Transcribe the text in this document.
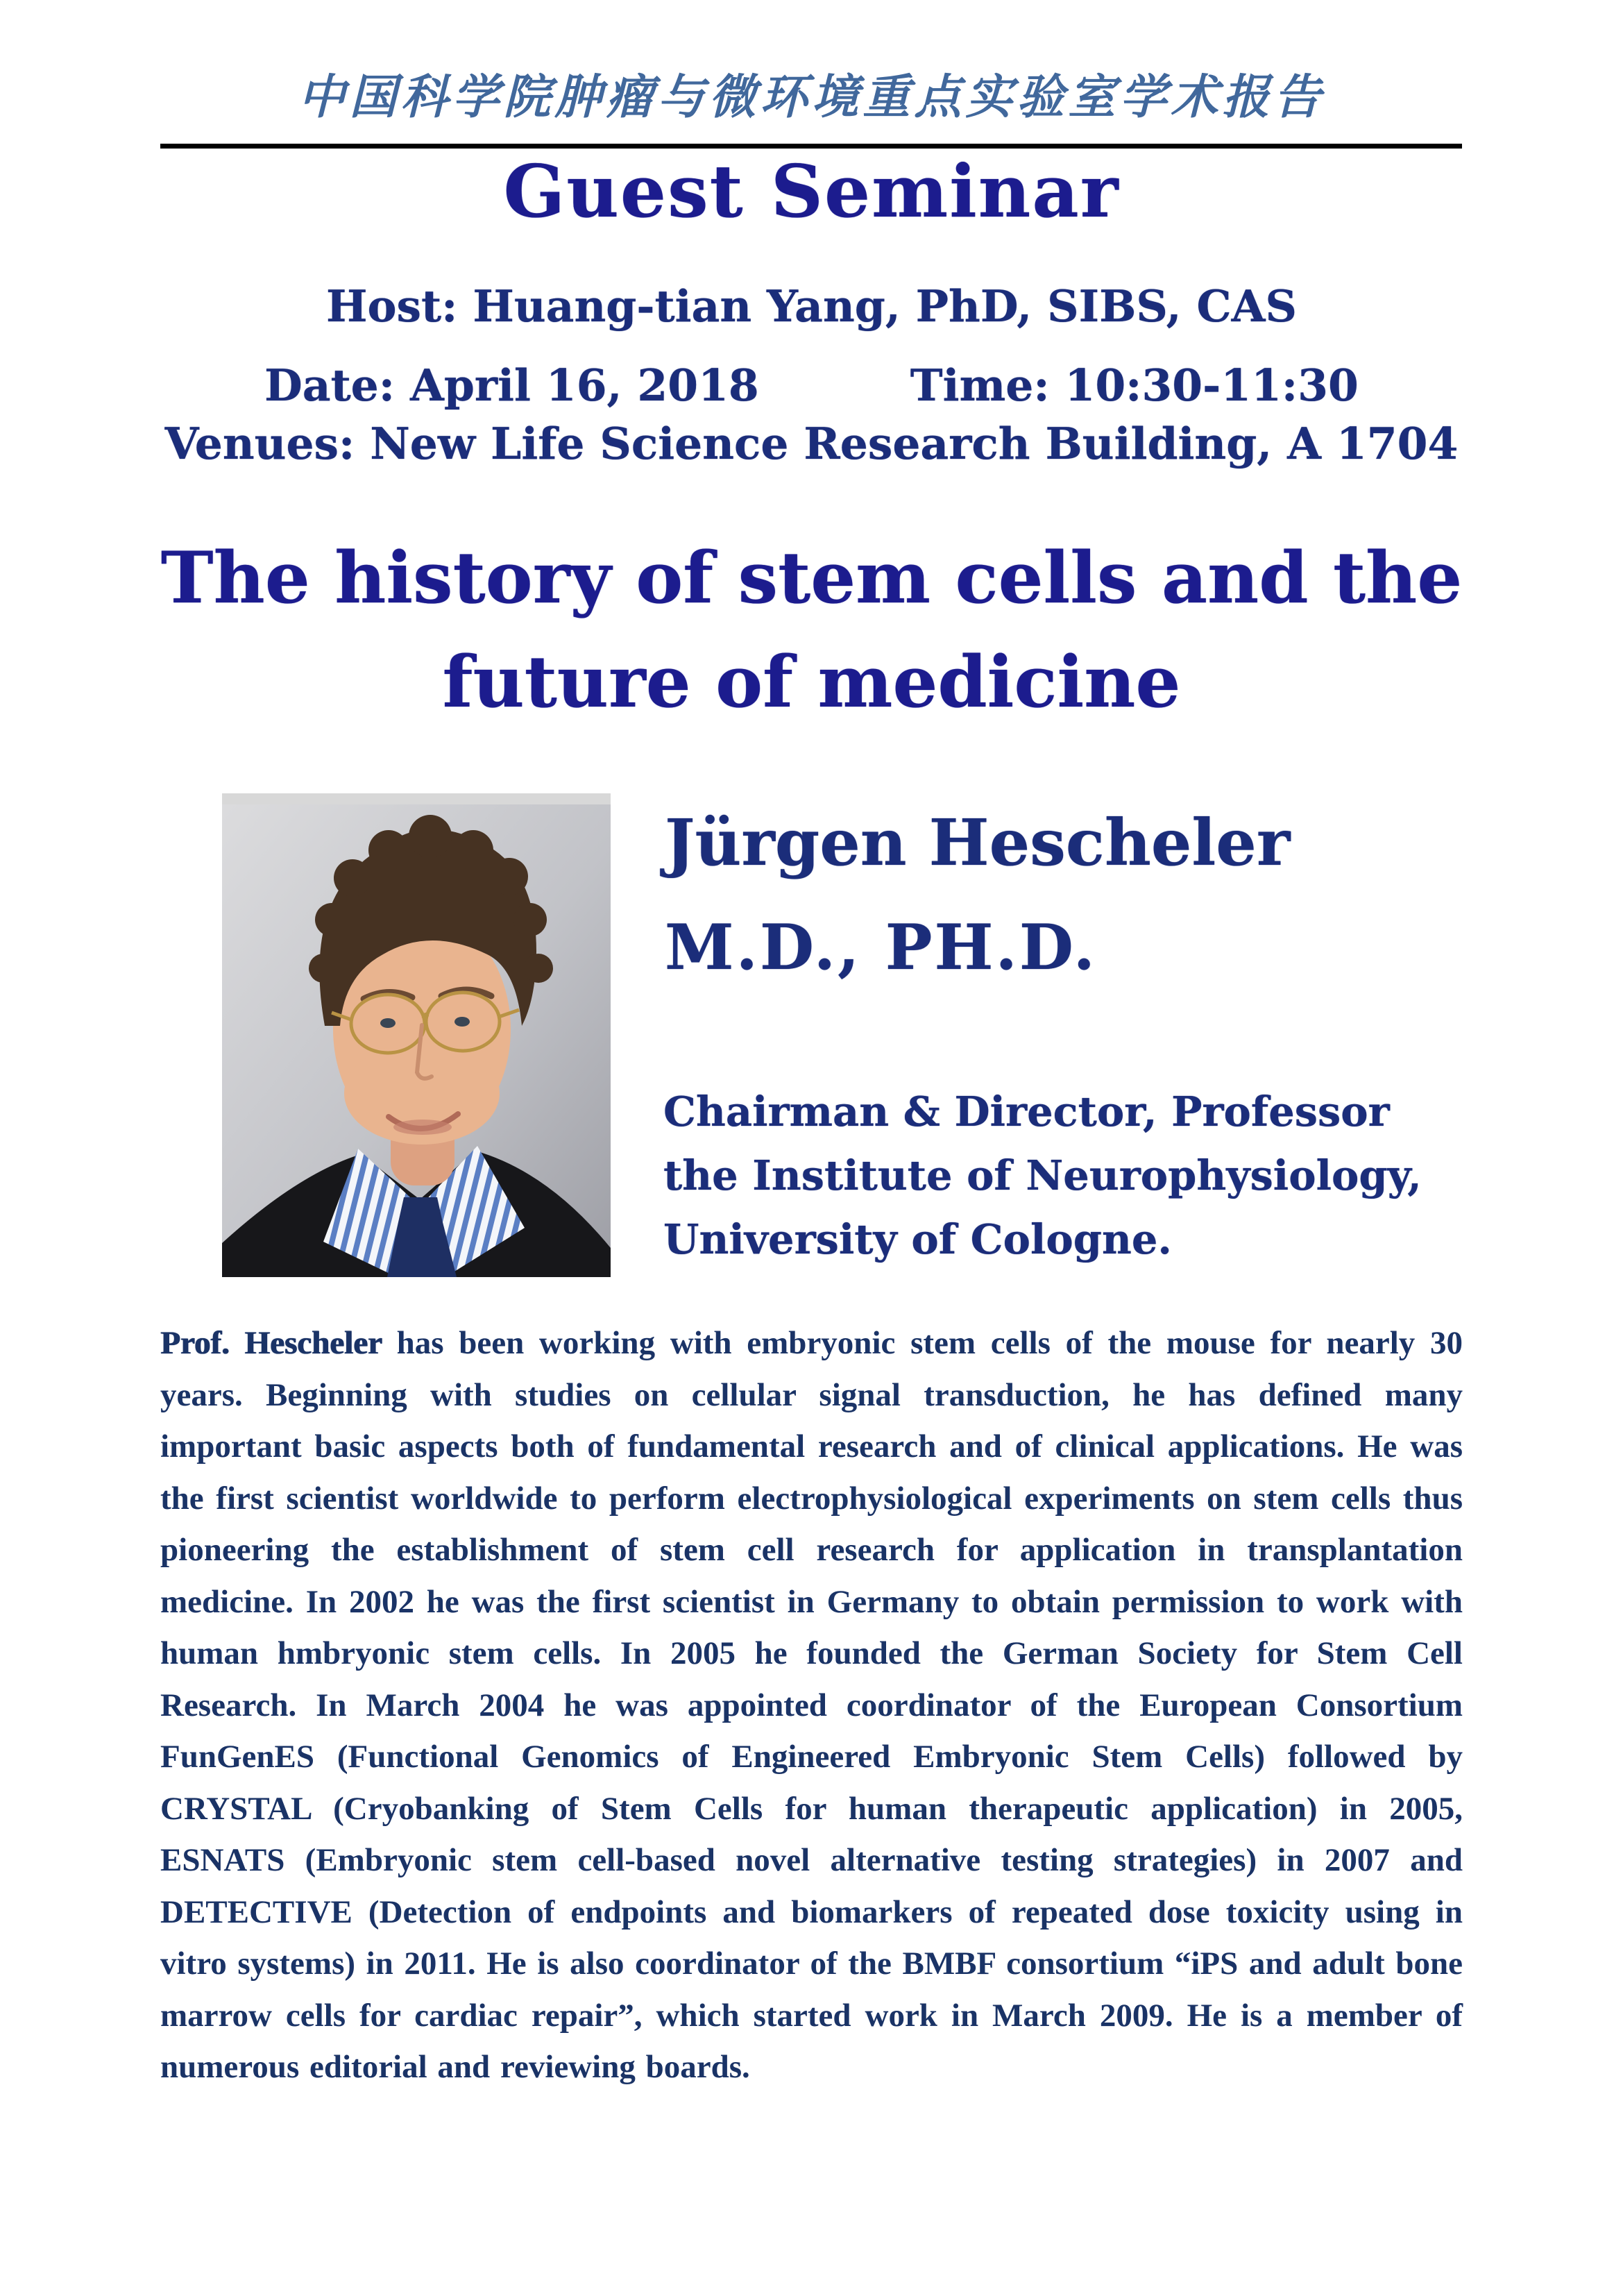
中国科学院肿瘤与微环境重点实验室学术报告
Guest Seminar
Host: Huang-tian Yang, PhD, SIBS, CAS
Date: April 16, 2018	Time: 10:30-11:30
Venues: New Life Science Research Building, A 1704
The history of stem cells and the
future of medicine
Jürgen Hescheler
M.D., PH.D.
Chairman & Director, Professor
the Institute of Neurophysiology,
University of Cologne.

Prof. Hescheler has been working with embryonic stem cells of the mouse for nearly 30 years. Beginning with studies on cellular signal transduction, he has defined many important basic aspects both of fundamental research and of clinical applications. He was the first scientist worldwide to perform electrophysiological experiments on stem cells thus pioneering the establishment of stem cell research for application in transplantation medicine. In 2002 he was the first scientist in Germany to obtain permission to work with human hmbryonic stem cells. In 2005 he founded the German Society for Stem Cell Research. In March 2004 he was appointed coordinator of the European Consortium FunGenES (Functional Genomics of Engineered Embryonic Stem Cells) followed by CRYSTAL (Cryobanking of Stem Cells for human therapeutic application) in 2005, ESNATS (Embryonic stem cell-based novel alternative testing strategies) in 2007 and DETECTIVE (Detection of endpoints and biomarkers of repeated dose toxicity using in vitro systems) in 2011. He is also coordinator of the BMBF consortium “iPS and adult bone marrow cells for cardiac repair”, which started work in March 2009. He is a member of numerous editorial and reviewing boards.
